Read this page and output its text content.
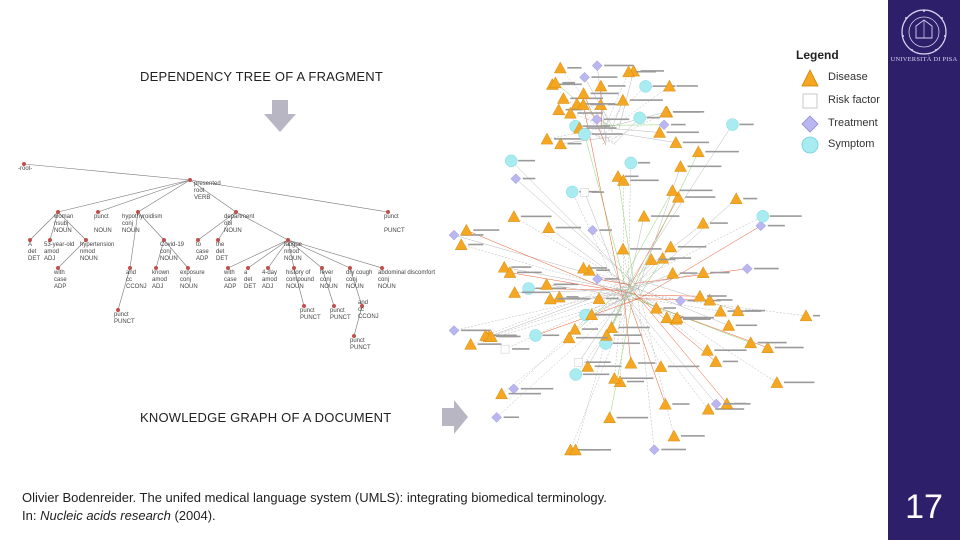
DEPENDENCY TREE OF A FRAGMENT
-root-
presented
root
VERB
woman
nsubj
NOUN
punct
NOUN
hypothyroidism
conj
NOUN
department
obl
NOUN
punct
PUNCT
A
det
DET
53-year-old
amod
ADJ
hypertension
nmod
NOUN
Covid-19
conj
NOUN
to
case
ADP
the
det
DET
fatigue
nmod
NOUN
with
case
ADP
and
cc
CCONJ
known
amod
ADJ
exposure
conj
NOUN
with
case
ADP
a
det
DET
4-day
amod
ADJ
history of
compound
NOUN
fever
conj
NOUN
dry cough
conj
NOUN
abdominal discomfort
conj
NOUN
punct
PUNCT
punct
PUNCT
punct
PUNCT
and
cc
CCONJ
punct
PUNCT
KNOWLEDGE GRAPH OF A DOCUMENT
Legend
Disease
Risk factor
Treatment
Symptom
Olivier Bodenreider. The unifed medical language system (UMLS): integrating biomedical terminology.
In: Nucleic acids research (2004).
UNIVERSITÀ DI PISA
17
